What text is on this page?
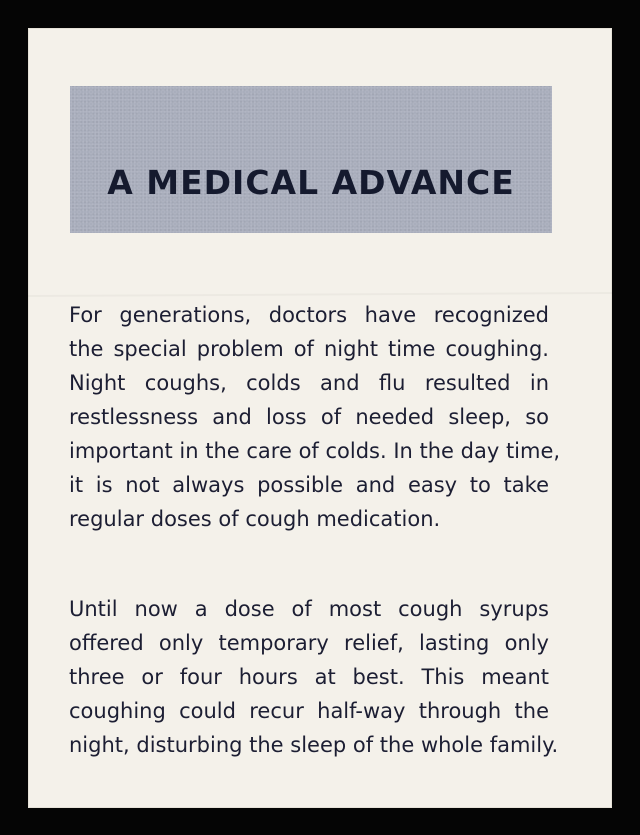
A MEDICAL ADVANCE
For generations, doctors have recognized
the special problem of night time coughing.
Night coughs, colds and flu resulted in
restlessness and loss of needed sleep, so
important in the care of colds. In the day time,
it is not always possible and easy to take
regular doses of cough medication.
Until now a dose of most cough syrups
offered only temporary relief, lasting only
three or four hours at best. This meant
coughing could recur half-way through the
night, disturbing the sleep of the whole family.
